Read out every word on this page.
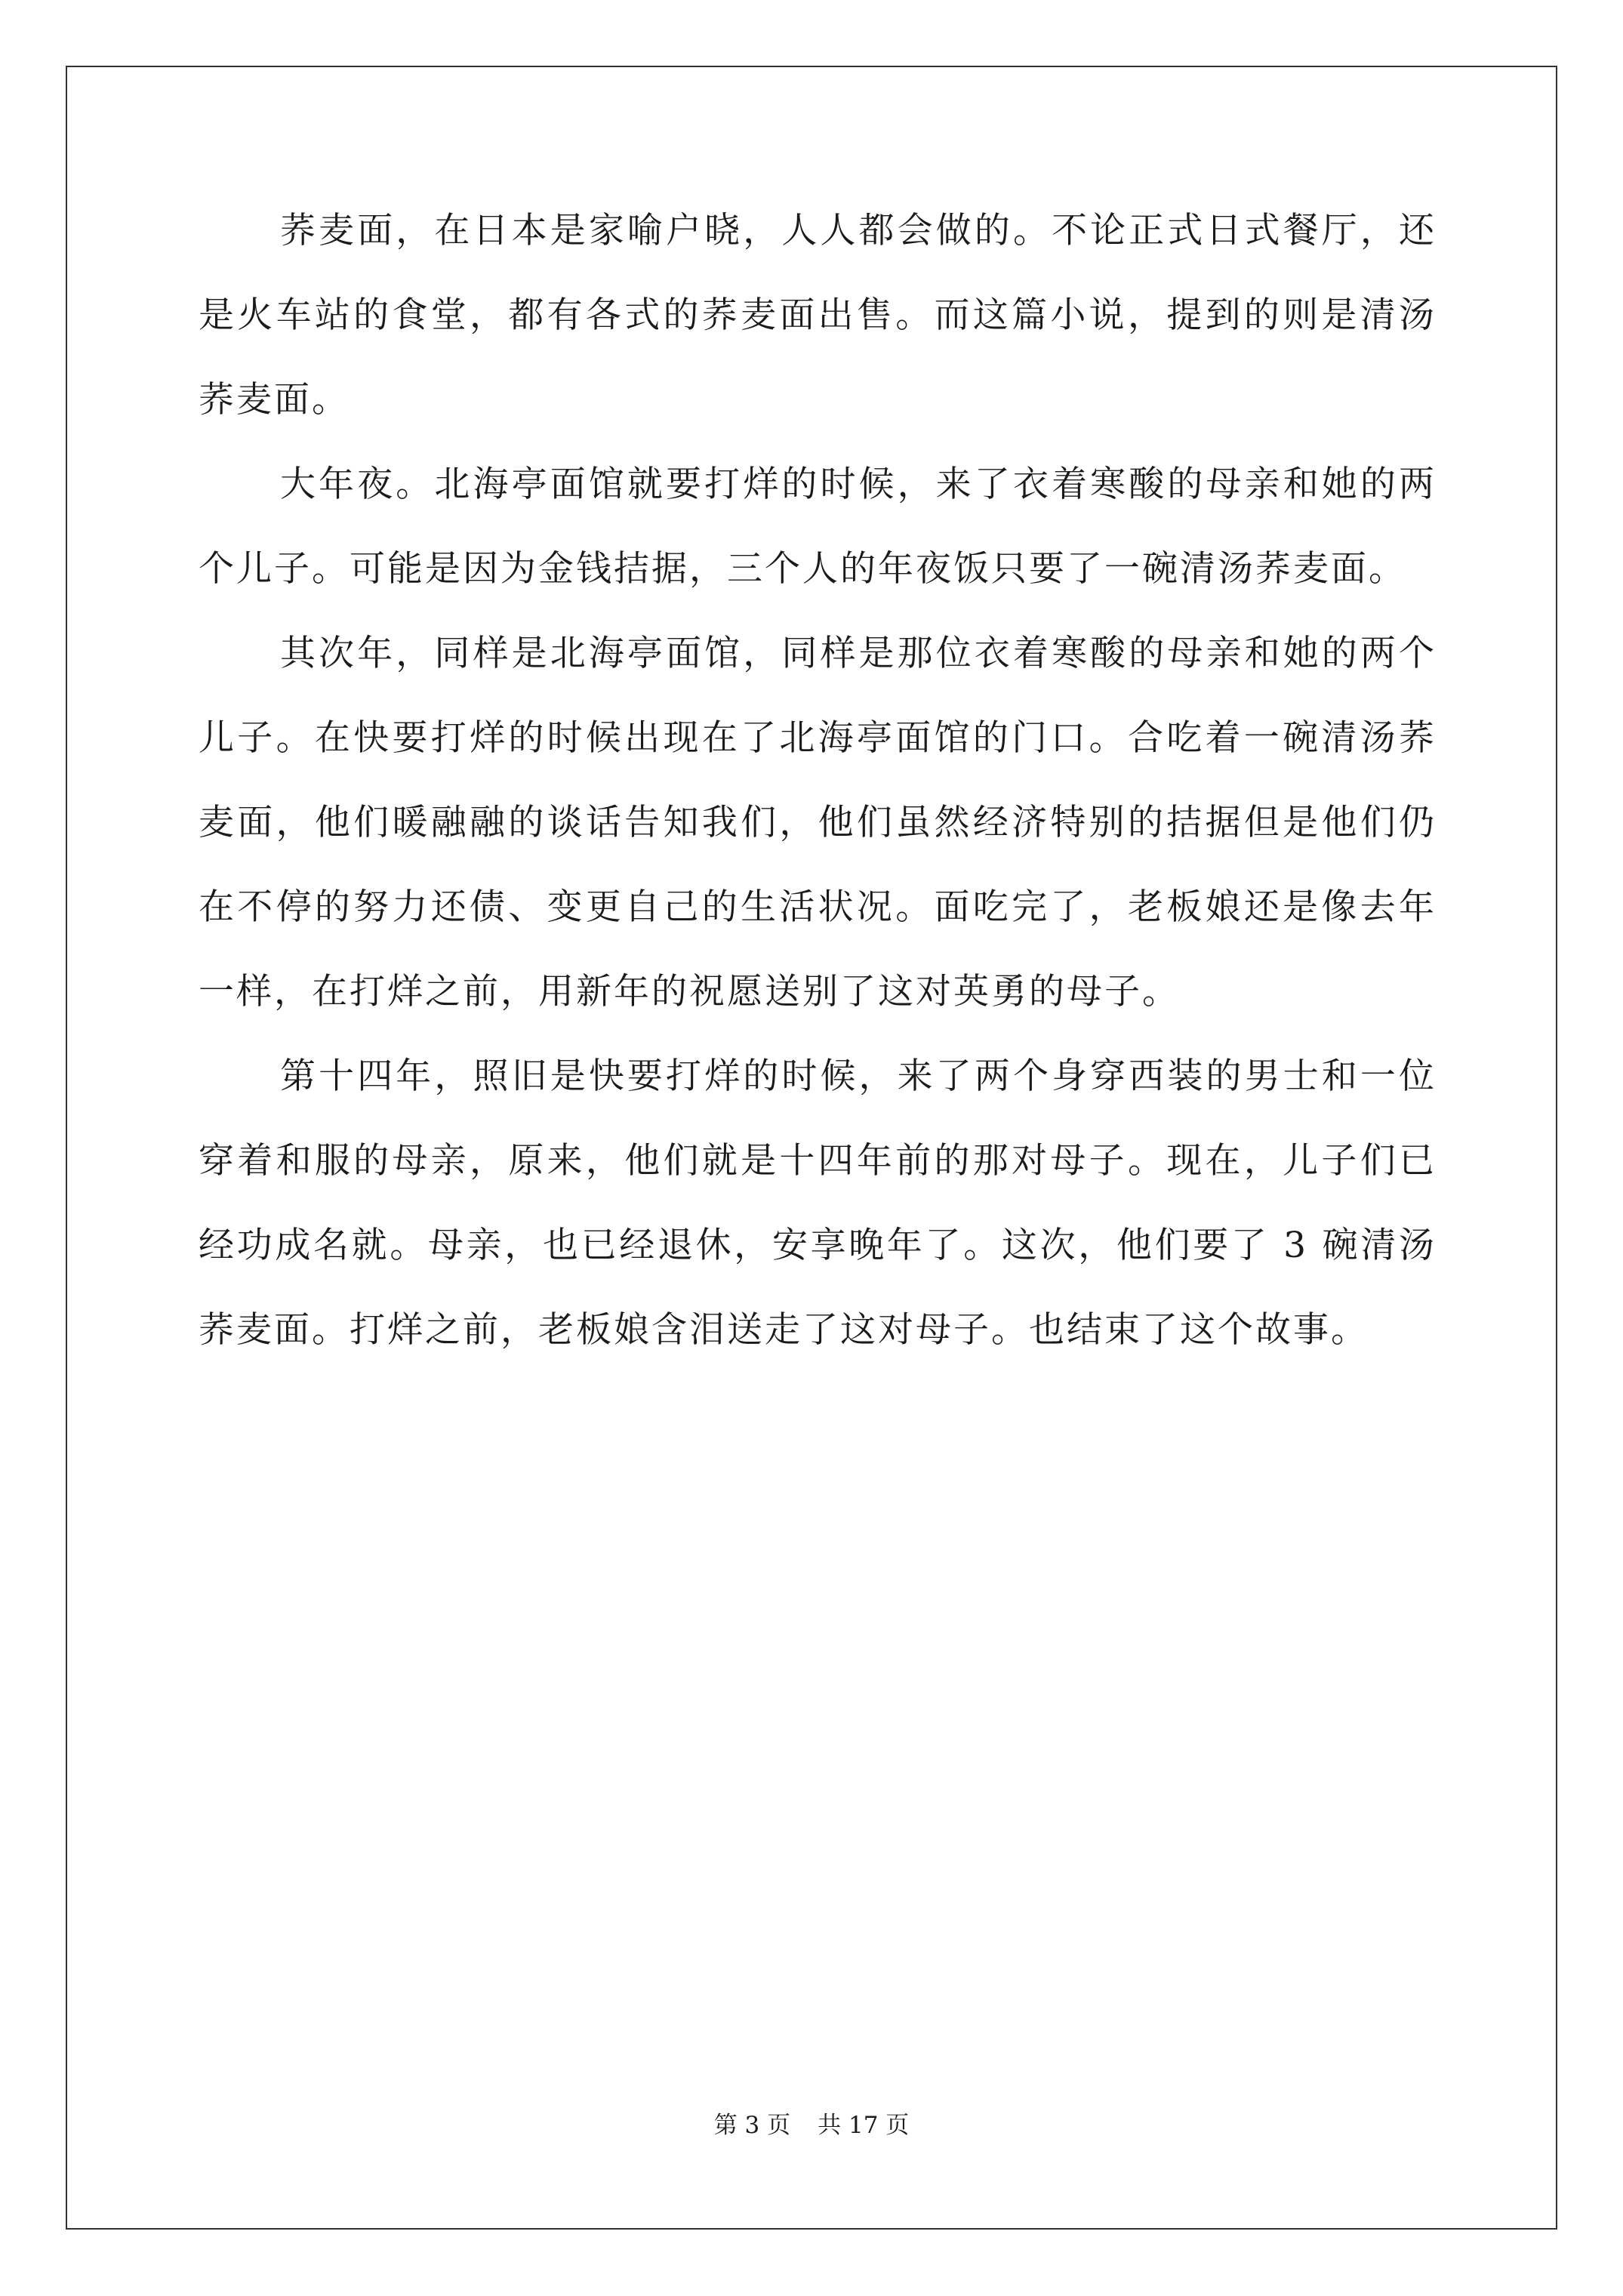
荞麦面，在日本是家喻户晓，人人都会做的。不论正式日式餐厅，还是火车站的食堂，都有各式的荞麦面出售。而这篇小说，提到的则是清汤荞麦面。

大年夜。北海亭面馆就要打烊的时候，来了衣着寒酸的母亲和她的两个儿子。可能是因为金钱拮据，三个人的年夜饭只要了一碗清汤荞麦面。

其次年，同样是北海亭面馆，同样是那位衣着寒酸的母亲和她的两个儿子。在快要打烊的时候出现在了北海亭面馆的门口。合吃着一碗清汤荞麦面，他们暖融融的谈话告知我们，他们虽然经济特别的拮据但是他们仍在不停的努力还债、变更自己的生活状况。面吃完了，老板娘还是像去年一样，在打烊之前，用新年的祝愿送别了这对英勇的母子。

第十四年，照旧是快要打烊的时候，来了两个身穿西装的男士和一位穿着和服的母亲，原来，他们就是十四年前的那对母子。现在，儿子们已经功成名就。母亲，也已经退休，安享晚年了。这次，他们要了 3 碗清汤荞麦面。打烊之前，老板娘含泪送走了这对母子。也结束了这个故事。

第 3 页 共 17 页
